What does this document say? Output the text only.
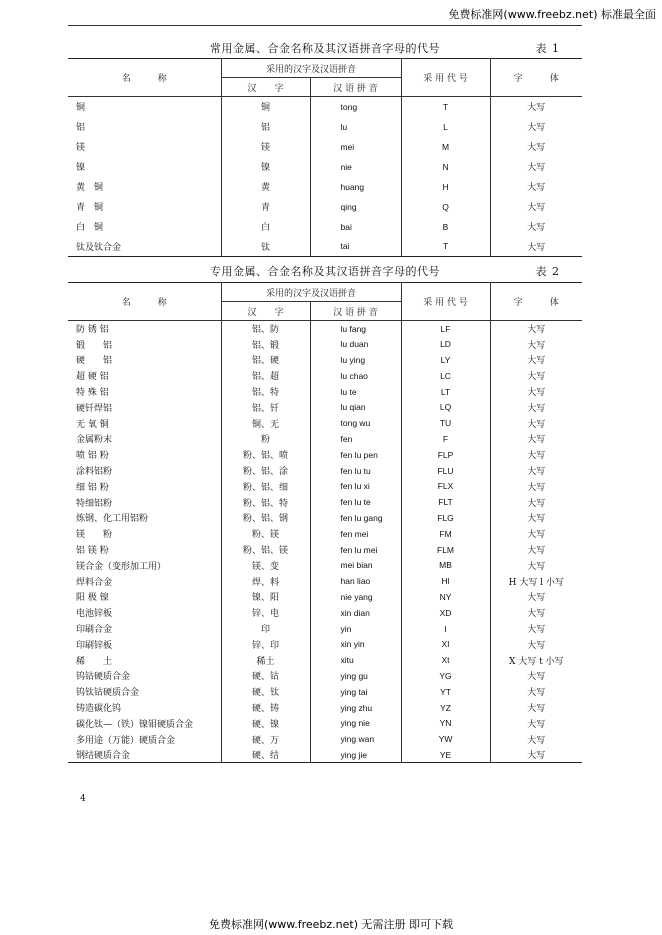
免费标准网(www.freebz.net) 标准最全面
常用金属、合金名称及其汉语拼音字母的代号	表 1
名　　　称	采用的汉字及汉语拼音		采 用 代 号	字　　　体
	汉　　字	汉 语 拼 音		
铜	铜	tong	T	大写
铝	铝	lu	L	大写
镁	镁	mei	M	大写
镍	镍	nie	N	大写
黄　铜	黄	huang	H	大写
青　铜	青	qing	Q	大写
白　铜	白	bai	B	大写
钛及钛合金	钛	tai	T	大写
专用金属、合金名称及其汉语拼音字母的代号	表 2
名　　　称	采用的汉字及汉语拼音		采 用 代 号	字　　　体
	汉　　字	汉 语 拼 音		
防 锈 铝	铝、防	lu fang	LF	大写
锻　　铝	铝、锻	lu duan	LD	大写
硬　　铝	铝、硬	lu ying	LY	大写
超 硬 铝	铝、超	lu chao	LC	大写
特 殊 铝	铝、特	lu te	LT	大写
硬钎焊铝	铝、钎	lu qian	LQ	大写
无 氧 铜	铜、无	tong wu	TU	大写
金属粉末	粉	fen	F	大写
喷 铝 粉	粉、铝、喷	fen lu pen	FLP	大写
涂料铝粉	粉、铝、涂	fen lu tu	FLU	大写
细 铝 粉	粉、铝、细	fen lu xi	FLX	大写
特细铝粉	粉、铝、特	fen lu te	FLT	大写
炼钢、化工用铝粉	粉、铝、钢	fen lu gang	FLG	大写
镁　　粉	粉、镁	fen mei	FM	大写
铝 镁 粉	粉、铝、镁	fen lu mei	FLM	大写
镁合金（变形加工用）	镁、变	mei bian	MB	大写
焊料合金	焊、料	han liao	Hl	H 大写 l 小写
阳 极 镍	镍、阳	nie yang	NY	大写
电池锌板	锌、电	xin dian	XD	大写
印刷合金	印	yin	I	大写
印刷锌板	锌、印	xin yin	XI	大写
稀　　土	稀土	xitu	Xt	X 大写 t 小写
钨钴硬质合金	硬、钴	ying gu	YG	大写
钨钛钴硬质合金	硬、钛	ying tai	YT	大写
铸造碳化钨	硬、铸	ying zhu	YZ	大写
碳化钛—（铁）镍钼硬质合金	硬、镍	ying nie	YN	大写
多用途（万能）硬质合金	硬、万	ying wan	YW	大写
钢结硬质合金	硬、结	ying jie	YE	大写
4
免费标准网(www.freebz.net) 无需注册 即可下载
